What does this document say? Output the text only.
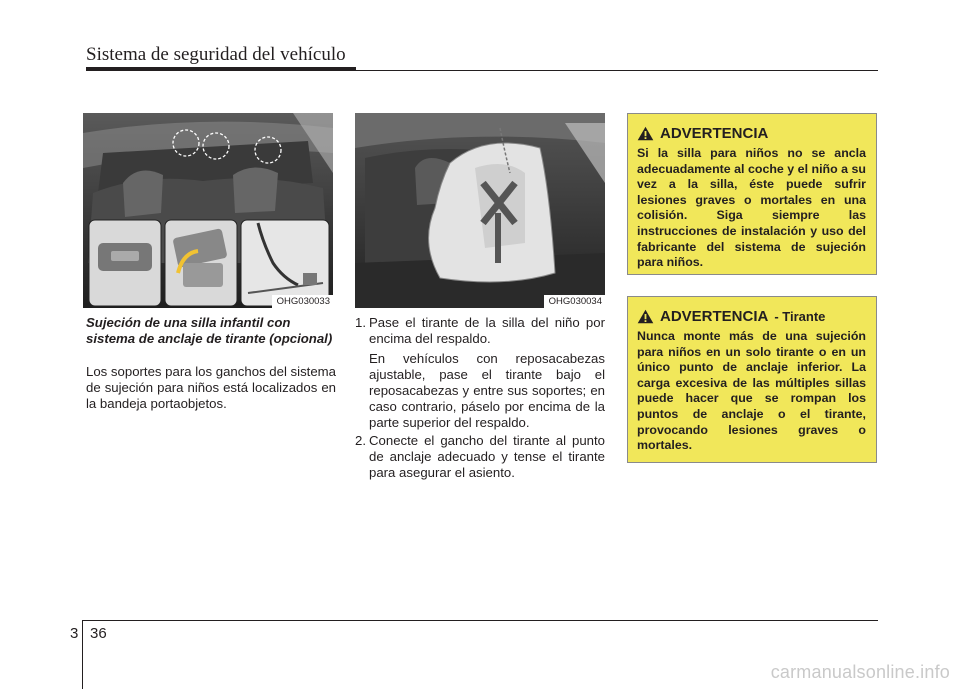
Sistema de seguridad del vehículo
OHG030033	OHG030034
Sujeción de una silla infantil con sistema de anclaje de tirante (opcional)
Los soportes para los ganchos del sistema de sujeción para niños está localizados en la bandeja portaobjetos.
1. Pase el tirante de la silla del niño por encima del respaldo.

En vehículos con reposacabezas ajustable, pase el tirante bajo el reposacabezas y entre sus soportes; en caso contrario, páselo por encima de la parte superior del respaldo.

2. Conecte el gancho del tirante al punto de anclaje adecuado y tense el tirante para asegurar el asiento.

ADVERTENCIA

Si la silla para niños no se ancla adecuadamente al coche y el niño a su vez a la silla, éste puede sufrir lesiones graves o mortales en una colisión. Siga siempre las instrucciones de instalación y uso del fabricante del sistema de sujeción para niños.

ADVERTENCIA - Tirante

Nunca monte más de una sujeción para niños en un solo tirante o en un único punto de anclaje inferior. La carga excesiva de las múltiples sillas puede hacer que se rompan los puntos de anclaje o el tirante, provocando lesiones graves o mortales.

3 36
carmanualsonline.info
